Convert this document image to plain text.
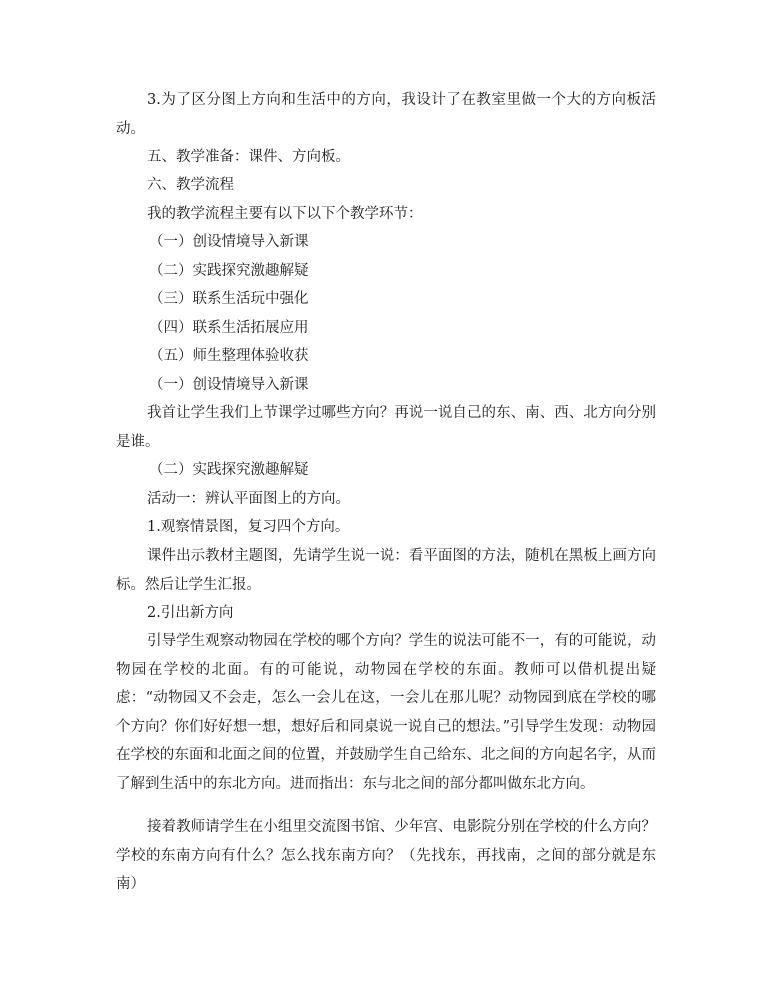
3.为了区分图上方向和生活中的方向，我设计了在教室里做一个大的方向板活动。

五、教学准备：课件、方向板。

六、教学流程

我的教学流程主要有以下以下个教学环节：

（一）创设情境导入新课

（二）实践探究激趣解疑

（三）联系生活玩中强化

（四）联系生活拓展应用

（五）师生整理体验收获

（一）创设情境导入新课

我首让学生我们上节课学过哪些方向？再说一说自己的东、南、西、北方向分别是谁。

（二）实践探究激趣解疑

活动一：辨认平面图上的方向。

1.观察情景图，复习四个方向。

课件出示教材主题图，先请学生说一说：看平面图的方法，随机在黑板上画方向标。然后让学生汇报。

2.引出新方向

引导学生观察动物园在学校的哪个方向？学生的说法可能不一，有的可能说，动物园在学校的北面。有的可能说，动物园在学校的东面。教师可以借机提出疑虑：“动物园又不会走，怎么一会儿在这，一会儿在那儿呢？动物园到底在学校的哪个方向？你们好好想一想，想好后和同桌说一说自己的想法。”引导学生发现：动物园在学校的东面和北面之间的位置，并鼓励学生自己给东、北之间的方向起名字，从而了解到生活中的东北方向。进而指出：东与北之间的部分都叫做东北方向。

接着教师请学生在小组里交流图书馆、少年宫、电影院分别在学校的什么方向？学校的东南方向有什么？怎么找东南方向？（先找东，再找南，之间的部分就是东南）
